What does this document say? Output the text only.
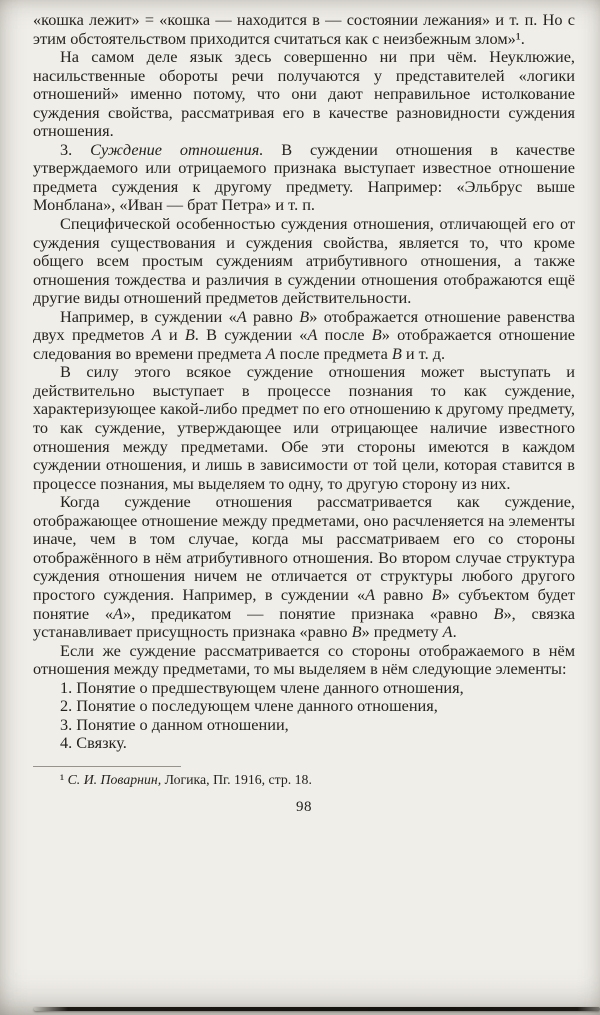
«кошка лежит» = «кошка — находится в — состоянии лежания» и т. п. Но с этим обстоятельством приходится считаться как с неизбежным злом»¹.

На самом деле язык здесь совершенно ни при чём. Неуклюжие, насильственные обороты речи получаются у представителей «логики отношений» именно потому, что они дают неправильное истолкование суждения свойства, рассматривая его в качестве разновидности суждения отношения.

3. Суждение отношения. В суждении отношения в качестве утверждаемого или отрицаемого признака выступает известное отношение предмета суждения к другому предмету. Например: «Эльбрус выше Монблана», «Иван — брат Петра» и т. п.

Специфической особенностью суждения отношения, отличающей его от суждения существования и суждения свойства, является то, что кроме общего всем простым суждениям атрибутивного отношения, а также отношения тождества и различия в суждении отношения отображаются ещё другие виды отношений предметов действительности.

Например, в суждении «А равно В» отображается отношение равенства двух предметов А и В. В суждении «А после В» отображается отношение следования во времени предмета А после предмета В и т. д.

В силу этого всякое суждение отношения может выступать и действительно выступает в процессе познания то как суждение, характеризующее какой-либо предмет по его отношению к другому предмету, то как суждение, утверждающее или отрицающее наличие известного отношения между предметами. Обе эти стороны имеются в каждом суждении отношения, и лишь в зависимости от той цели, которая ставится в процессе познания, мы выделяем то одну, то другую сторону из них.

Когда суждение отношения рассматривается как суждение, отображающее отношение между предметами, оно расчленяется на элементы иначе, чем в том случае, когда мы рассматриваем его со стороны отображённого в нём атрибутивного отношения. Во втором случае структура суждения отношения ничем не отличается от структуры любого другого простого суждения. Например, в суждении «А равно В» субъектом будет понятие «А», предикатом — понятие признака «равно В», связка устанавливает присущность признака «равно В» предмету А.

Если же суждение рассматривается со стороны отображаемого в нём отношения между предметами, то мы выделяем в нём следующие элементы:

1. Понятие о предшествующем члене данного отношения,

2. Понятие о последующем члене данного отношения,

3. Понятие о данном отношении,

4. Связку.

¹ С. И. Поварнин, Логика, Пг. 1916, стр. 18.
98
